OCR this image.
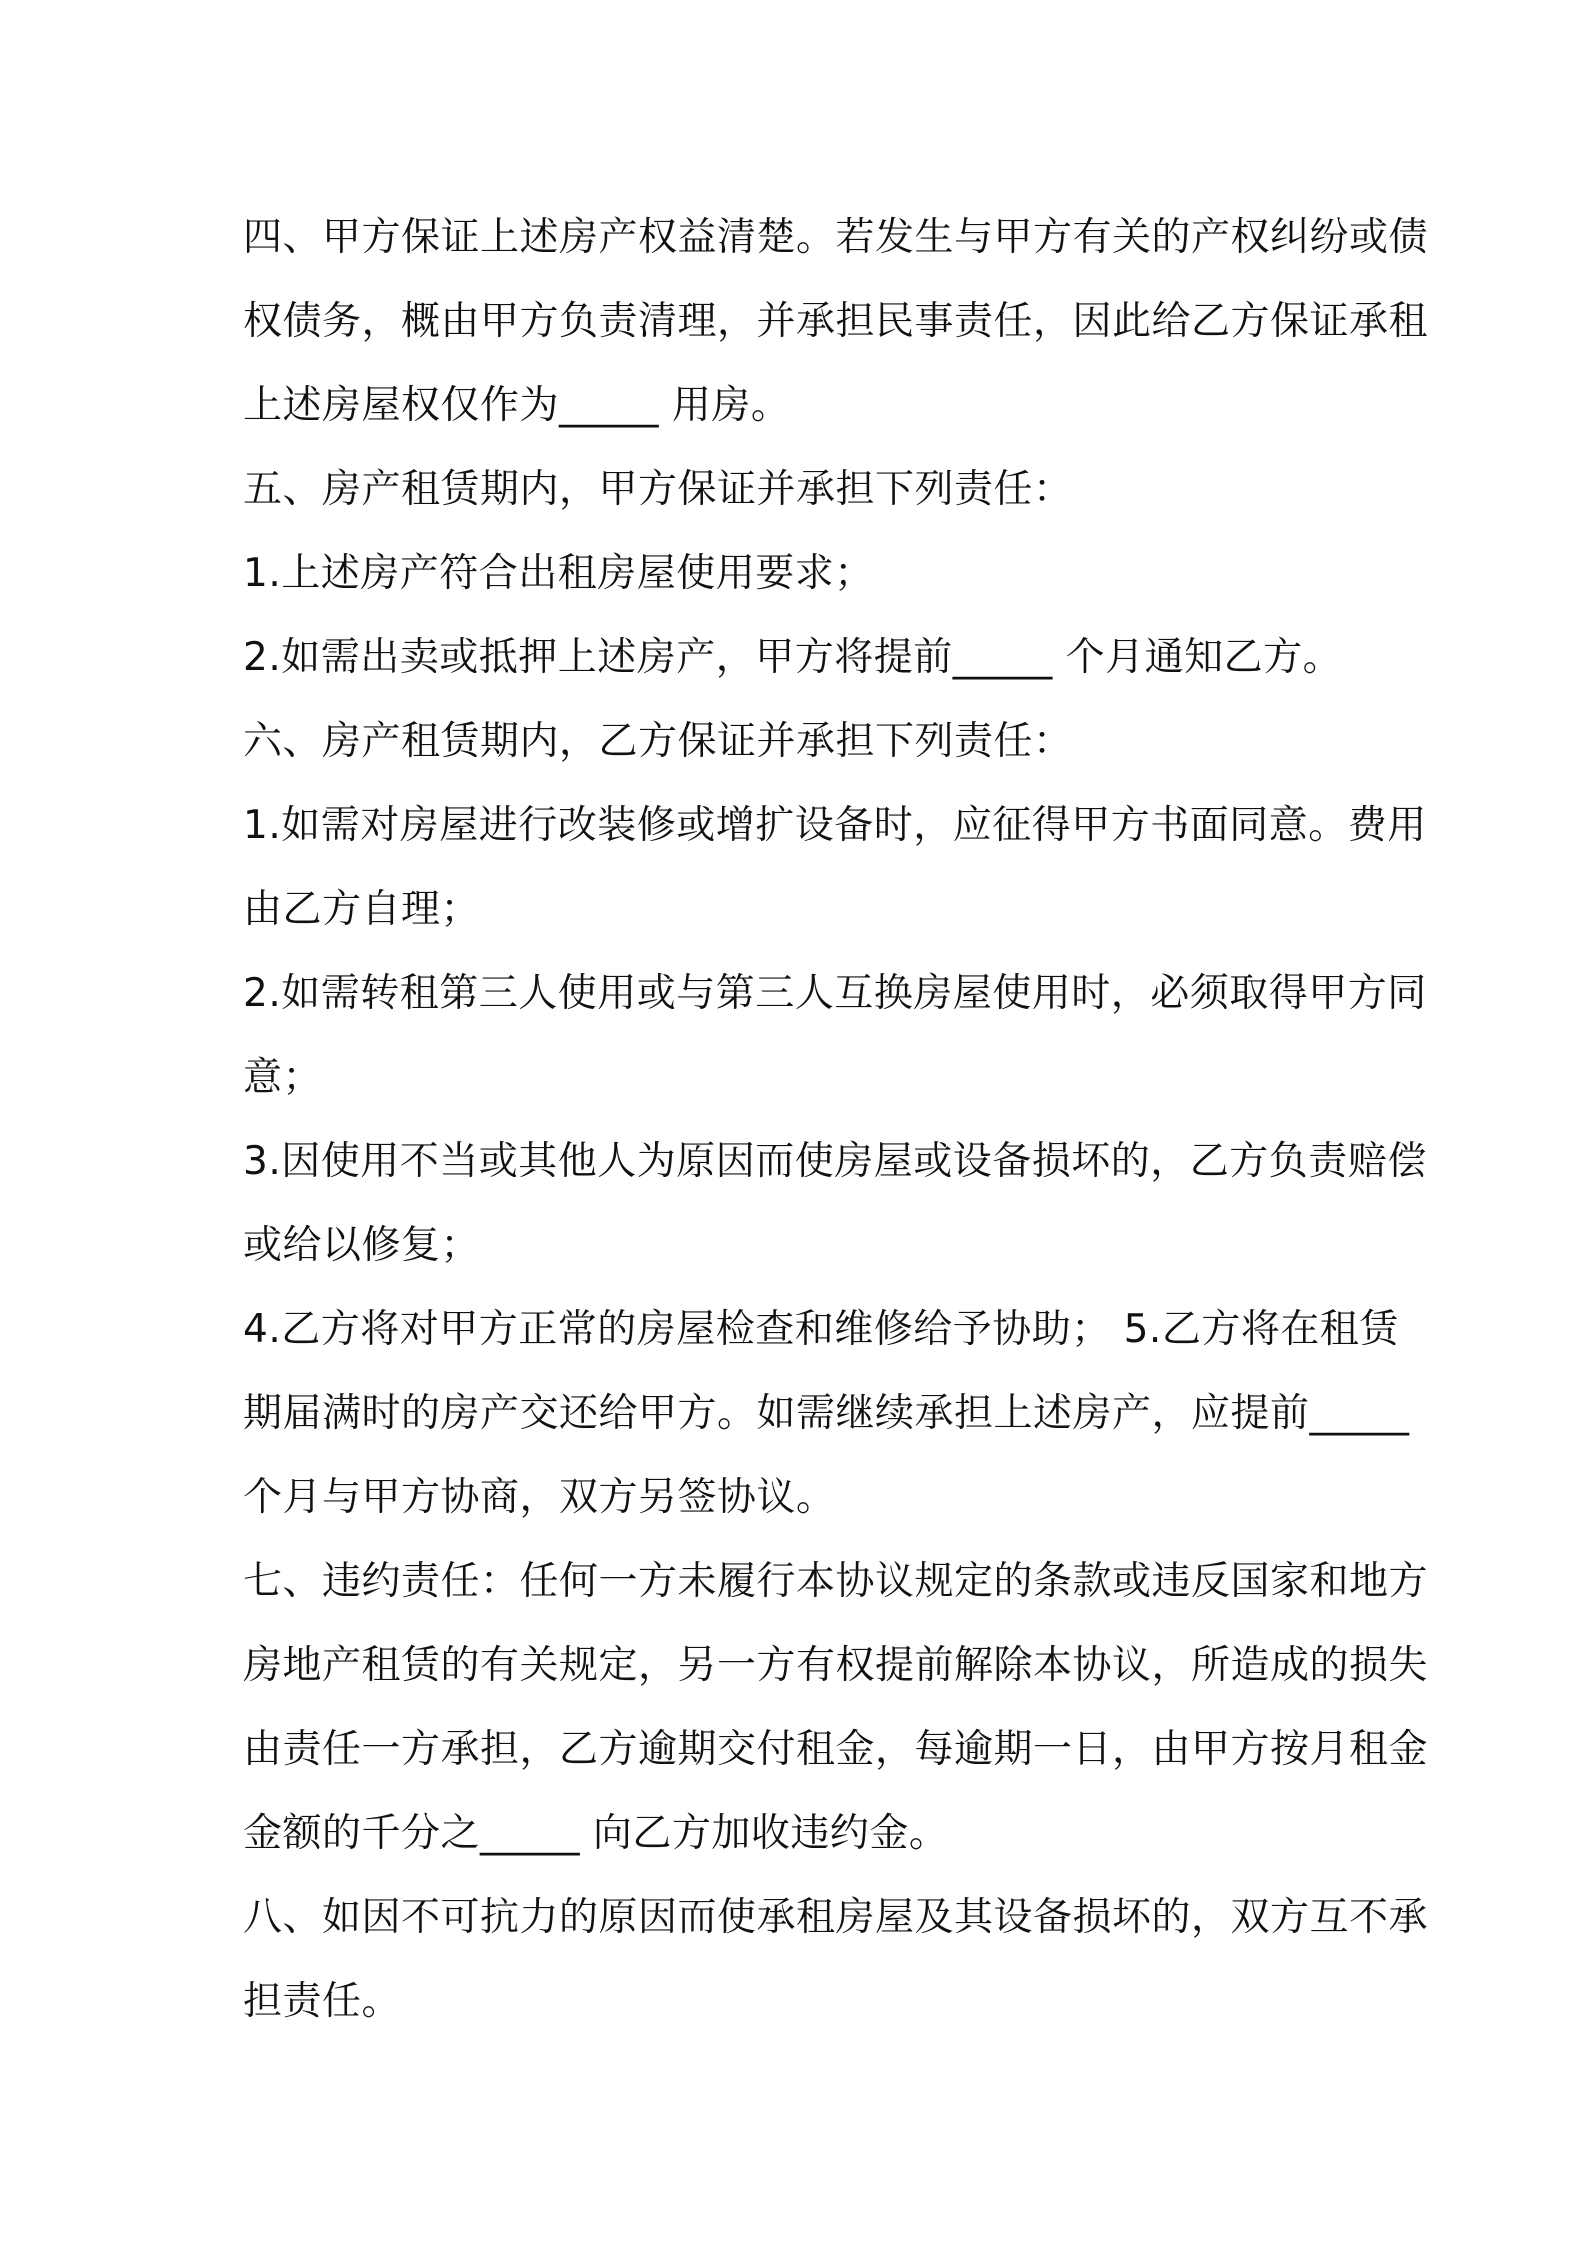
四、甲方保证上述房产权益清楚。若发生与甲方有关的产权纠纷或债
权债务，概由甲方负责清理，并承担民事责任，因此给乙方保证承租
上述房屋权仅作为_____ 用房。
五、房产租赁期内，甲方保证并承担下列责任：
1.上述房产符合出租房屋使用要求；
2.如需出卖或抵押上述房产，甲方将提前_____ 个月通知乙方。
六、房产租赁期内，乙方保证并承担下列责任：
1.如需对房屋进行改装修或增扩设备时，应征得甲方书面同意。费用
由乙方自理；
2.如需转租第三人使用或与第三人互换房屋使用时，必须取得甲方同
意；
3.因使用不当或其他人为原因而使房屋或设备损坏的，乙方负责赔偿
或给以修复；
4.乙方将对甲方正常的房屋检查和维修给予协助； 5.乙方将在租赁
期届满时的房产交还给甲方。如需继续承担上述房产，应提前_____
个月与甲方协商，双方另签协议。
七、违约责任：任何一方未履行本协议规定的条款或违反国家和地方
房地产租赁的有关规定，另一方有权提前解除本协议，所造成的损失
由责任一方承担，乙方逾期交付租金，每逾期一日，由甲方按月租金
金额的千分之_____ 向乙方加收违约金。
八、如因不可抗力的原因而使承租房屋及其设备损坏的，双方互不承
担责任。
